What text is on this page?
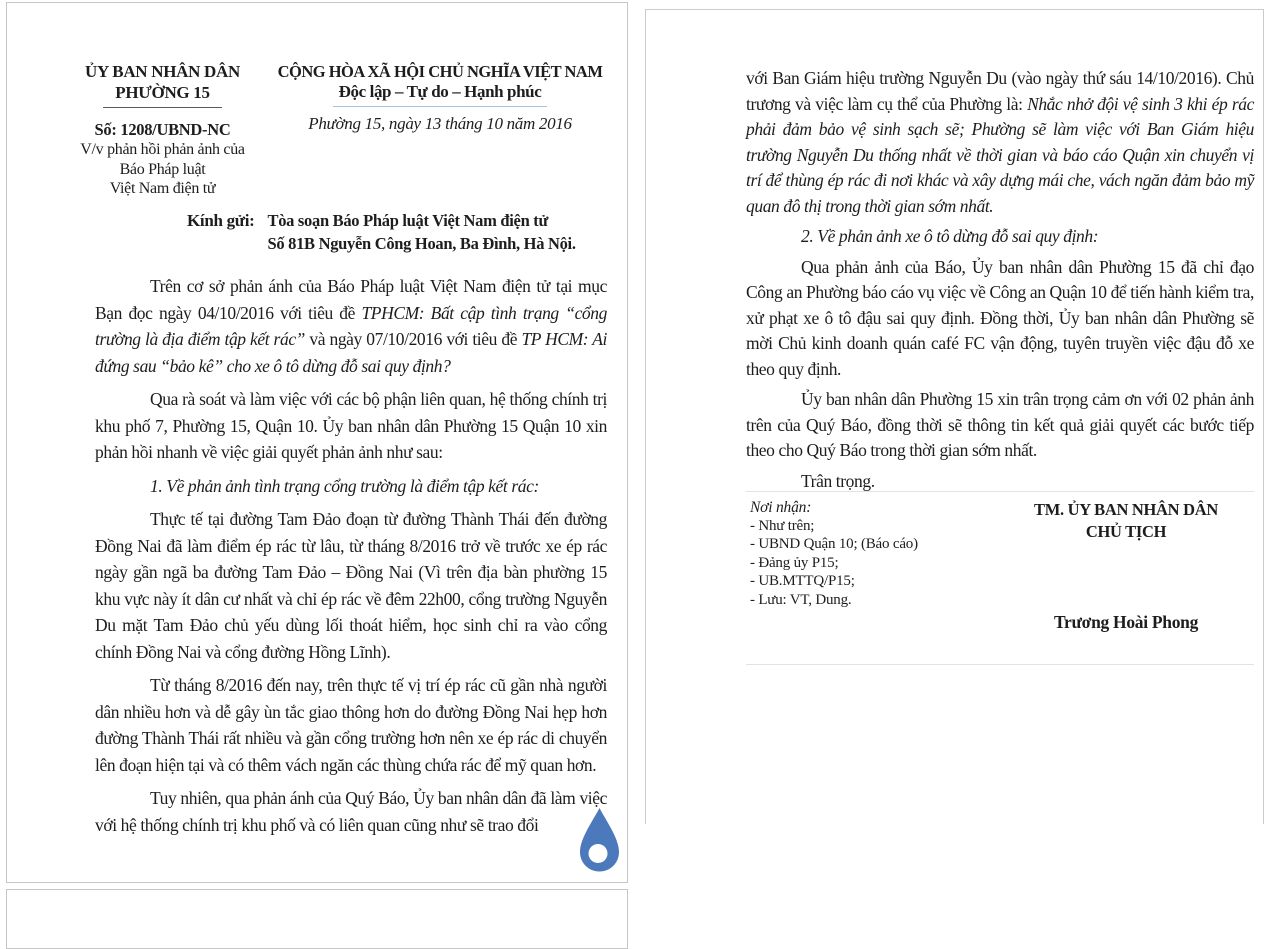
ỦY BAN NHÂN DÂN
PHƯỜNG 15
Số: 1208/UBND-NC
V/v phản hồi phản ảnh của
Báo Pháp luật
Việt Nam điện tử
CỘNG HÒA XÃ HỘI CHỦ NGHĨA VIỆT NAM
Độc lập – Tự do – Hạnh phúc
Phường 15, ngày 13 tháng 10 năm 2016
Kính gửi: Tòa soạn Báo Pháp luật Việt Nam điện tử
Số 81B Nguyễn Công Hoan, Ba Đình, Hà Nội.

Trên cơ sở phản ánh của Báo Pháp luật Việt Nam điện tử tại mục Bạn đọc ngày 04/10/2016 với tiêu đề TPHCM: Bất cập tình trạng “cổng trường là địa điểm tập kết rác” và ngày 07/10/2016 với tiêu đề TP HCM: Ai đứng sau “bảo kê” cho xe ô tô dừng đỗ sai quy định?

Qua rà soát và làm việc với các bộ phận liên quan, hệ thống chính trị khu phố 7, Phường 15, Quận 10. Ủy ban nhân dân Phường 15 Quận 10 xin phản hồi nhanh về việc giải quyết phản ảnh như sau:

1. Về phản ảnh tình trạng cổng trường là điểm tập kết rác:

Thực tế tại đường Tam Đảo đoạn từ đường Thành Thái đến đường Đồng Nai đã làm điểm ép rác từ lâu, từ tháng 8/2016 trở về trước xe ép rác ngày gần ngã ba đường Tam Đảo – Đồng Nai (Vì trên địa bàn phường 15 khu vực này ít dân cư nhất và chỉ ép rác về đêm 22h00, cổng trường Nguyễn Du mặt Tam Đảo chủ yếu dùng lối thoát hiểm, học sinh chỉ ra vào cổng chính Đồng Nai và cổng đường Hồng Lĩnh).

Từ tháng 8/2016 đến nay, trên thực tế vị trí ép rác cũ gần nhà người dân nhiều hơn và dễ gây ùn tắc giao thông hơn do đường Đồng Nai hẹp hơn đường Thành Thái rất nhiều và gần cổng trường hơn nên xe ép rác di chuyển lên đoạn hiện tại và có thêm vách ngăn các thùng chứa rác để mỹ quan hơn.

Tuy nhiên, qua phản ánh của Quý Báo, Ủy ban nhân dân đã làm việc với hệ thống chính trị khu phố và có liên quan cũng như sẽ trao đổi

với Ban Giám hiệu trường Nguyễn Du (vào ngày thứ sáu 14/10/2016). Chủ trương và việc làm cụ thể của Phường là: Nhắc nhở đội vệ sinh 3 khi ép rác phải đảm bảo vệ sinh sạch sẽ; Phường sẽ làm việc với Ban Giám hiệu trường Nguyễn Du thống nhất về thời gian và báo cáo Quận xin chuyển vị trí để thùng ép rác đi nơi khác và xây dựng mái che, vách ngăn đảm bảo mỹ quan đô thị trong thời gian sớm nhất.

2. Về phản ảnh xe ô tô dừng đỗ sai quy định:

Qua phản ảnh của Báo, Ủy ban nhân dân Phường 15 đã chỉ đạo Công an Phường báo cáo vụ việc về Công an Quận 10 để tiến hành kiểm tra, xử phạt xe ô tô đậu sai quy định. Đồng thời, Ủy ban nhân dân Phường sẽ mời Chủ kinh doanh quán café FC vận động, tuyên truyền việc đậu đỗ xe theo quy định.

Ủy ban nhân dân Phường 15 xin trân trọng cảm ơn với 02 phản ảnh trên của Quý Báo, đồng thời sẽ thông tin kết quả giải quyết các bước tiếp theo cho Quý Báo trong thời gian sớm nhất.

Trân trọng.

Nơi nhận:
- Như trên;
- UBND Quận 10; (Báo cáo)
- Đảng ủy P15;
- UB.MTTQ/P15;
- Lưu: VT, Dung.
TM. ỦY BAN NHÂN DÂN
CHỦ TỊCH
Trương Hoài Phong
